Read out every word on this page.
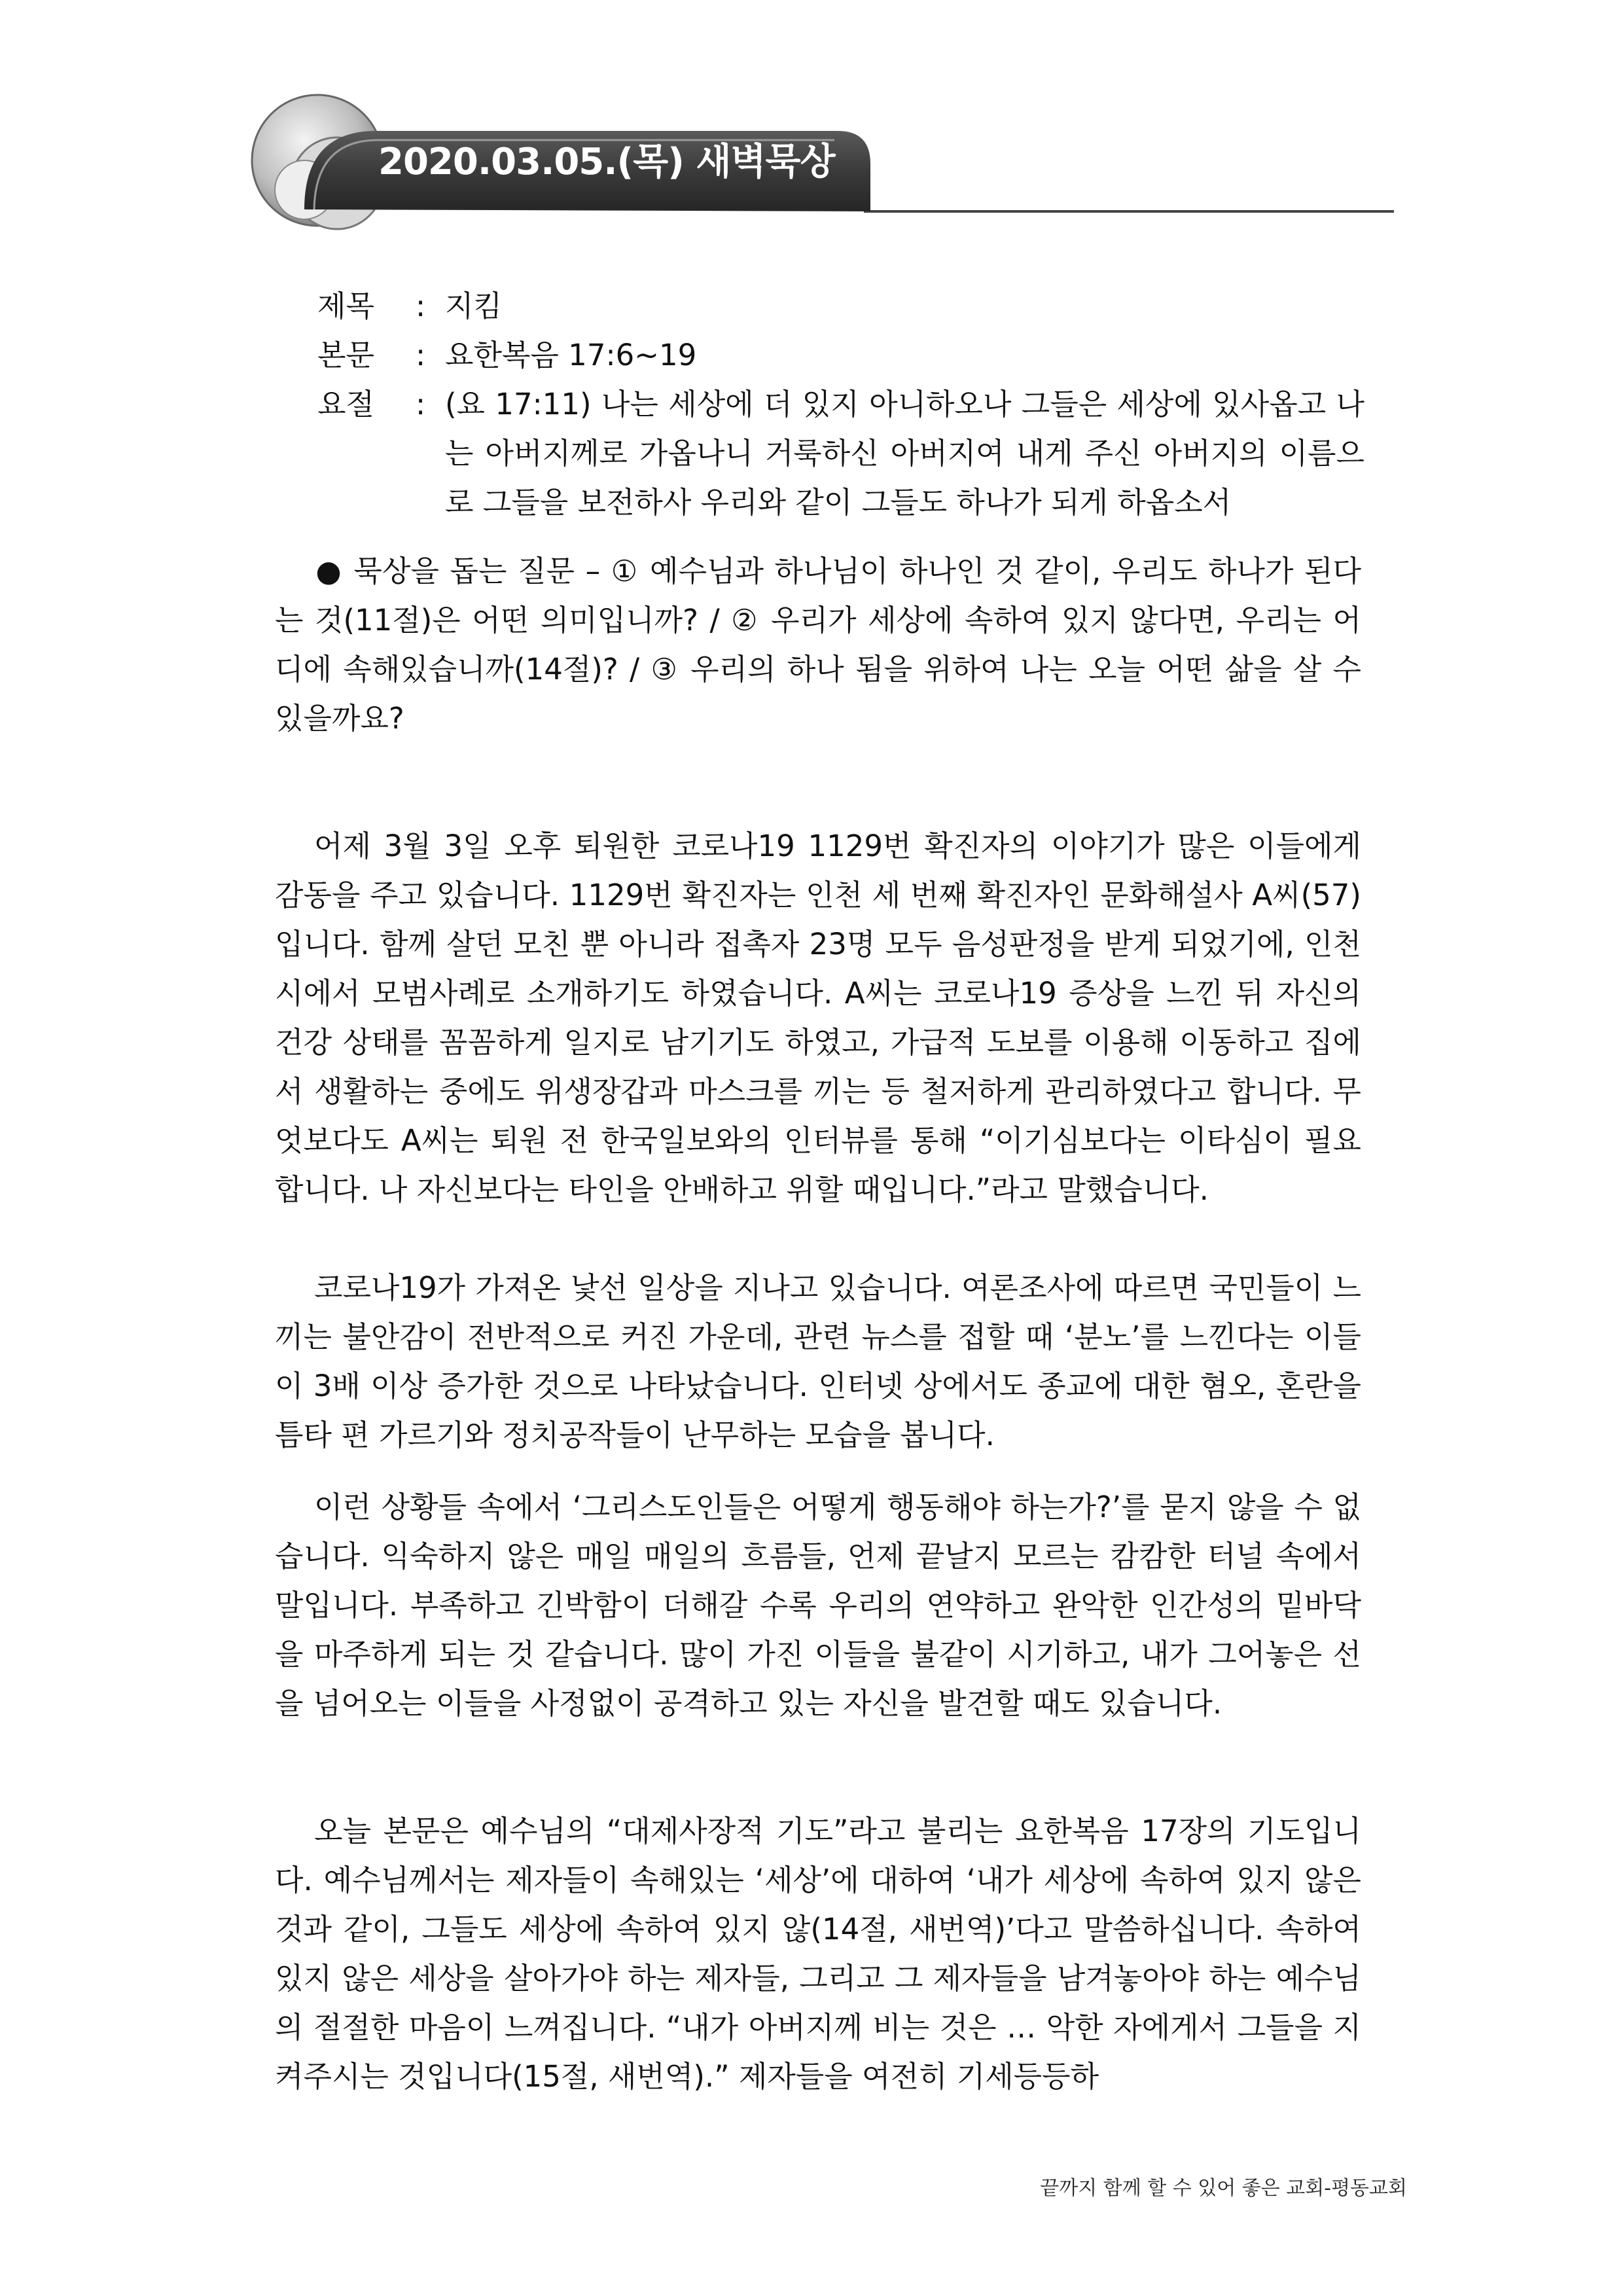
2020.03.05.(목) 새벽묵상
제목	: 지킴
본문	: 요한복음 17:6~19
요절	: (요 17:11) 나는 세상에 더 있지 아니하오나 그들은 세상에 있사옵고 나는 아버지께로 가옵나니 거룩하신 아버지여 내게 주신 아버지의 이름으로 그들을 보전하사 우리와 같이 그들도 하나가 되게 하옵소서

● 묵상을 돕는 질문 – ① 예수님과 하나님이 하나인 것 같이, 우리도 하나가 된다는 것(11절)은 어떤 의미입니까? / ② 우리가 세상에 속하여 있지 않다면, 우리는 어디에 속해있습니까(14절)? / ③ 우리의 하나 됨을 위하여 나는 오늘 어떤 삶을 살 수 있을까요?

어제 3월 3일 오후 퇴원한 코로나19 1129번 확진자의 이야기가 많은 이들에게 감동을 주고 있습니다. 1129번 확진자는 인천 세 번째 확진자인 문화해설사 A씨(57)입니다. 함께 살던 모친 뿐 아니라 접촉자 23명 모두 음성판정을 받게 되었기에, 인천시에서 모범사례로 소개하기도 하였습니다. A씨는 코로나19 증상을 느낀 뒤 자신의 건강 상태를 꼼꼼하게 일지로 남기기도 하였고, 가급적 도보를 이용해 이동하고 집에서 생활하는 중에도 위생장갑과 마스크를 끼는 등 철저하게 관리하였다고 합니다. 무엇보다도 A씨는 퇴원 전 한국일보와의 인터뷰를 통해 “이기심보다는 이타심이 필요합니다. 나 자신보다는 타인을 안배하고 위할 때입니다.”라고 말했습니다.

코로나19가 가져온 낯선 일상을 지나고 있습니다. 여론조사에 따르면 국민들이 느끼는 불안감이 전반적으로 커진 가운데, 관련 뉴스를 접할 때 ‘분노’를 느낀다는 이들이 3배 이상 증가한 것으로 나타났습니다. 인터넷 상에서도 종교에 대한 혐오, 혼란을 틈타 편 가르기와 정치공작들이 난무하는 모습을 봅니다.

이런 상황들 속에서 ‘그리스도인들은 어떻게 행동해야 하는가?’를 묻지 않을 수 없습니다. 익숙하지 않은 매일 매일의 흐름들, 언제 끝날지 모르는 캄캄한 터널 속에서 말입니다. 부족하고 긴박함이 더해갈 수록 우리의 연약하고 완악한 인간성의 밑바닥을 마주하게 되는 것 같습니다. 많이 가진 이들을 불같이 시기하고, 내가 그어놓은 선을 넘어오는 이들을 사정없이 공격하고 있는 자신을 발견할 때도 있습니다.

오늘 본문은 예수님의 “대제사장적 기도”라고 불리는 요한복음 17장의 기도입니다. 예수님께서는 제자들이 속해있는 ‘세상’에 대하여 ‘내가 세상에 속하여 있지 않은 것과 같이, 그들도 세상에 속하여 있지 않(14절, 새번역)’다고 말씀하십니다. 속하여 있지 않은 세상을 살아가야 하는 제자들, 그리고 그 제자들을 남겨놓아야 하는 예수님의 절절한 마음이 느껴집니다. “내가 아버지께 비는 것은 … 악한 자에게서 그들을 지켜주시는 것입니다(15절, 새번역).” 제자들을 여전히 기세등등하

끝까지 함께 할 수 있어 좋은 교회-평동교회
